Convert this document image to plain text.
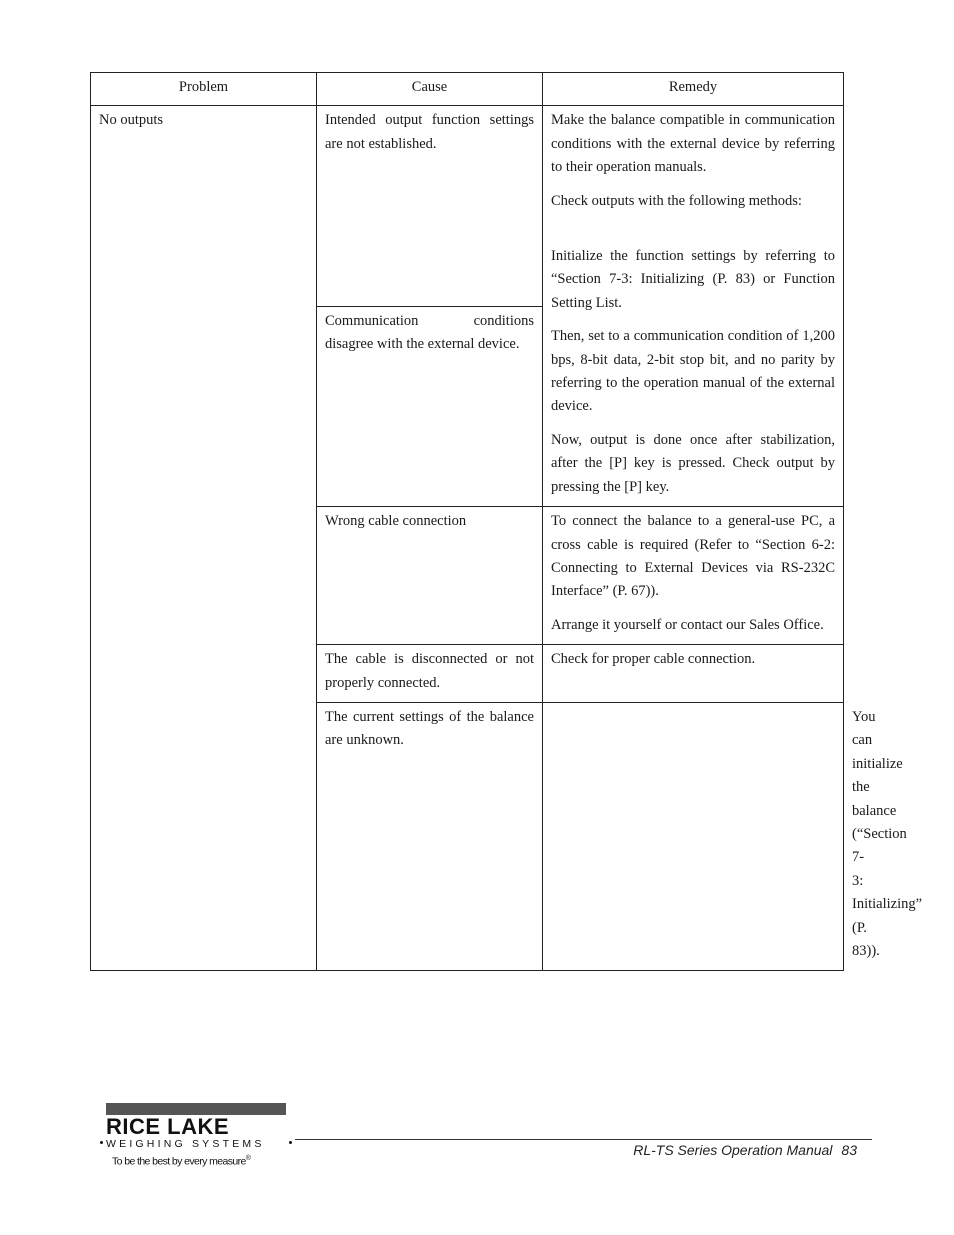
Problem	Cause	Remedy	

No outputs	Intended output function settings are not established.	Make the balance compatible in communication conditions with the external device by referring to their operation manuals.

Check outputs with the following methods:

Initialize the function settings by referring to “Section 7-3: Initializing (P. 83) or Function Setting List.

Then, set to a communication condition of 1,200 bps, 8-bit data, 2-bit stop bit, and no parity by referring to the operation manual of the external device.

Now, output is done once after stabilization, after the [P] key is pressed. Check output by pressing the [P] key.	

	Communication conditions disagree with the external device.		

	Wrong cable connection	To connect the balance to a general-use PC, a cross cable is required (Refer to “Section 6-2: Connecting to External Devices via RS-232C Interface” (P. 67)).

Arrange it yourself or contact our Sales Office.	

	The cable is disconnected or not properly connected.	Check for proper cable connection.	

	The current settings of the balance are unknown.		You can initialize the balance (“Section 7-3: Initializing” (P. 83)).

RICE LAKE
WEIGHING SYSTEMS
To be the best by every measure®
RL-TS Series Operation Manual 83
